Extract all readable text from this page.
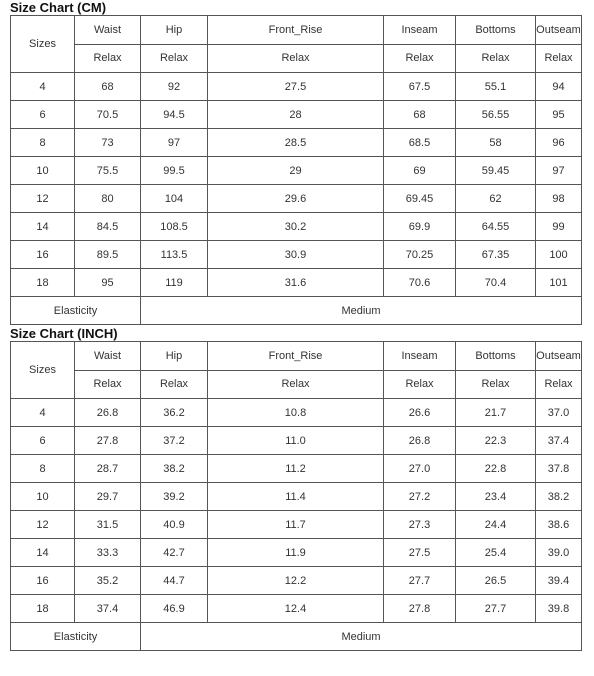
Size Chart (CM)
Sizes	Waist	Hip	Front_Rise	Inseam	Bottoms	Outseam
	Relax	Relax	Relax	Relax	Relax	Relax
4	68	92	27.5	67.5	55.1	94
6	70.5	94.5	28	68	56.55	95
8	73	97	28.5	68.5	58	96
10	75.5	99.5	29	69	59.45	97
12	80	104	29.6	69.45	62	98
14	84.5	108.5	30.2	69.9	64.55	99
16	89.5	113.5	30.9	70.25	67.35	100
18	95	119	31.6	70.6	70.4	101
Elasticity		Medium				
Size Chart (INCH)
Sizes	Waist	Hip	Front_Rise	Inseam	Bottoms	Outseam
	Relax	Relax	Relax	Relax	Relax	Relax
4	26.8	36.2	10.8	26.6	21.7	37.0
6	27.8	37.2	11.0	26.8	22.3	37.4
8	28.7	38.2	11.2	27.0	22.8	37.8
10	29.7	39.2	11.4	27.2	23.4	38.2
12	31.5	40.9	11.7	27.3	24.4	38.6
14	33.3	42.7	11.9	27.5	25.4	39.0
16	35.2	44.7	12.2	27.7	26.5	39.4
18	37.4	46.9	12.4	27.8	27.7	39.8
Elasticity		Medium				
